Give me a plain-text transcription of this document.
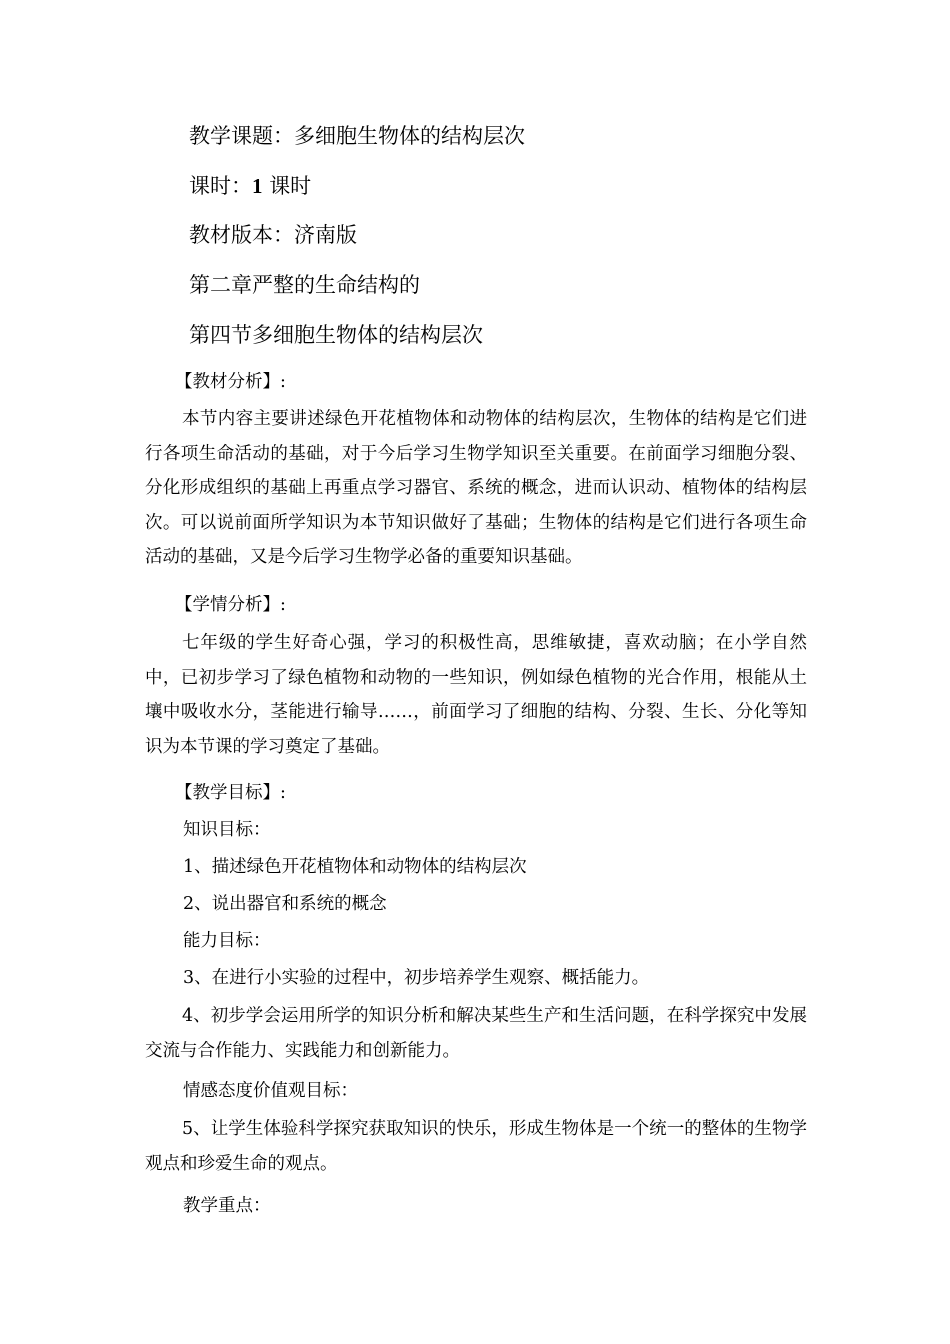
教学课题：多细胞生物体的结构层次
课时：1 课时
教材版本：济南版
第二章严整的生命结构的
第四节多细胞生物体的结构层次
【教材分析】:

本节内容主要讲述绿色开花植物体和动物体的结构层次，生物体的结构是它们进行各项生命活动的基础，对于今后学习生物学知识至关重要。在前面学习细胞分裂、分化形成组织的基础上再重点学习器官、系统的概念，进而认识动、植物体的结构层次。可以说前面所学知识为本节知识做好了基础；生物体的结构是它们进行各项生命活动的基础，又是今后学习生物学必备的重要知识基础。

【学情分析】:

七年级的学生好奇心强，学习的积极性高，思维敏捷，喜欢动脑；在小学自然中，已初步学习了绿色植物和动物的一些知识，例如绿色植物的光合作用，根能从土壤中吸收水分，茎能进行输导……，前面学习了细胞的结构、分裂、生长、分化等知识为本节课的学习奠定了基础。

【教学目标】:
知识目标：
1、描述绿色开花植物体和动物体的结构层次
2、说出器官和系统的概念
能力目标：
3、在进行小实验的过程中，初步培养学生观察、概括能力。

4、初步学会运用所学的知识分析和解决某些生产和生活问题，在科学探究中发展交流与合作能力、实践能力和创新能力。

情感态度价值观目标：

5、让学生体验科学探究获取知识的快乐，形成生物体是一个统一的整体的生物学观点和珍爱生命的观点。

教学重点：
